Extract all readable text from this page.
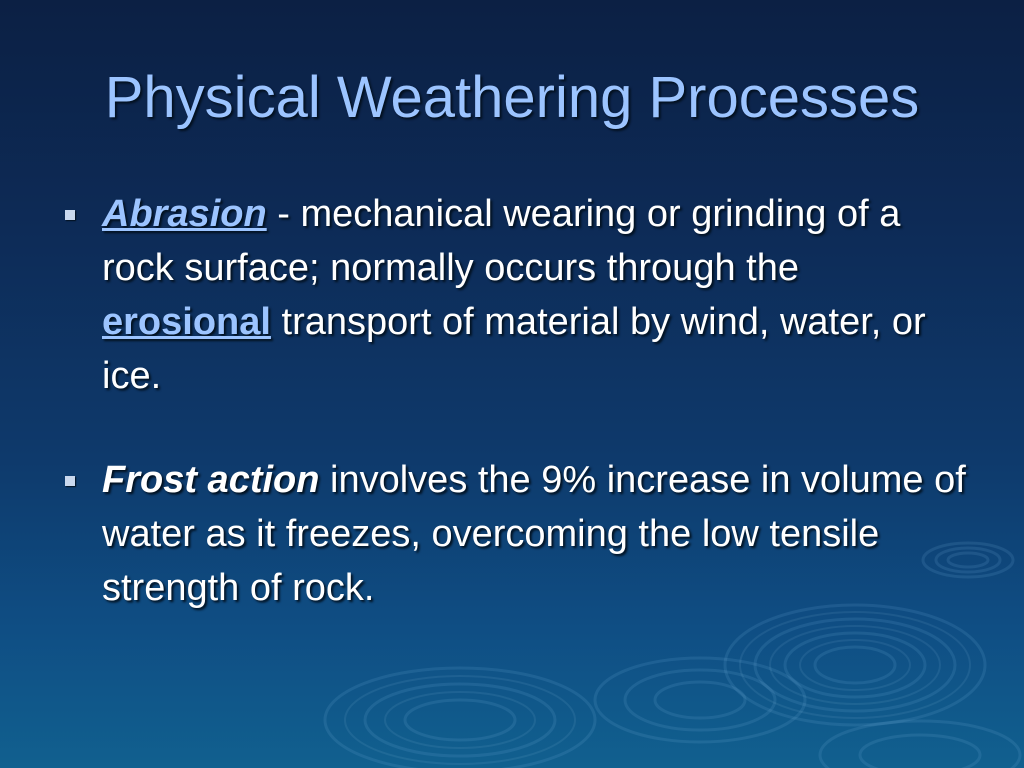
Physical Weathering Processes
Abrasion - mechanical wearing or grinding of a rock surface; normally occurs through the erosional transport of material by wind, water, or ice.
Frost action involves the 9% increase in volume of water as it freezes, overcoming the low tensile strength of rock.
